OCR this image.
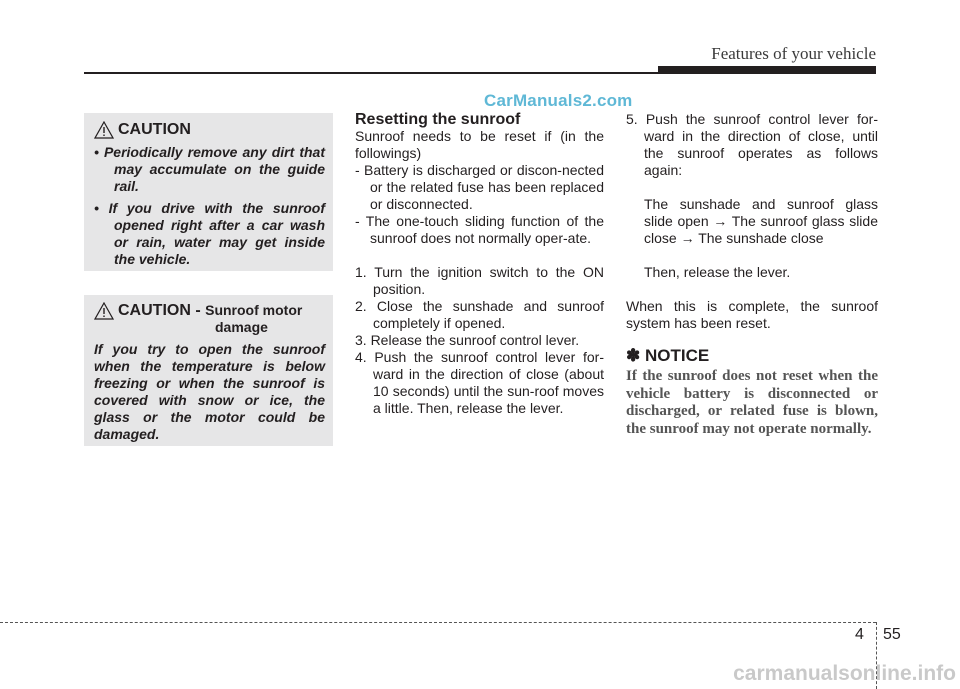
Features of your vehicle
CarManuals2.com
CAUTION
• Periodically remove any dirt that may accumulate on the guide rail.
• If you drive with the sunroof opened right after a car wash or rain, water may get inside the vehicle.
CAUTION - Sunroof motor
damage

If you try to open the sunroof when the temperature is below freezing or when the sunroof is covered with snow or ice, the glass or the motor could be damaged.

Resetting the sunroof

Sunroof needs to be reset if (in the followings)

- Battery is discharged or discon-nected or the related fuse has been replaced or disconnected.

- The one-touch sliding function of the sunroof does not normally oper-ate.

1. Turn the ignition switch to the ON position.

2. Close the sunshade and sunroof completely if opened.

3. Release the sunroof control lever.

4. Push the sunroof control lever for-ward in the direction of close (about 10 seconds) until the sun-roof moves a little. Then, release the lever.

5. Push the sunroof control lever for-ward in the direction of close, until the sunroof operates as follows again:

The sunshade and sunroof glass slide open → The sunroof glass slide close → The sunshade close

Then, release the lever.

When this is complete, the sunroof system has been reset.

✽ NOTICE

If the sunroof does not reset when the vehicle battery is disconnected or discharged, or related fuse is blown, the sunroof may not operate normally.

4 55
carmanualsonline.info
